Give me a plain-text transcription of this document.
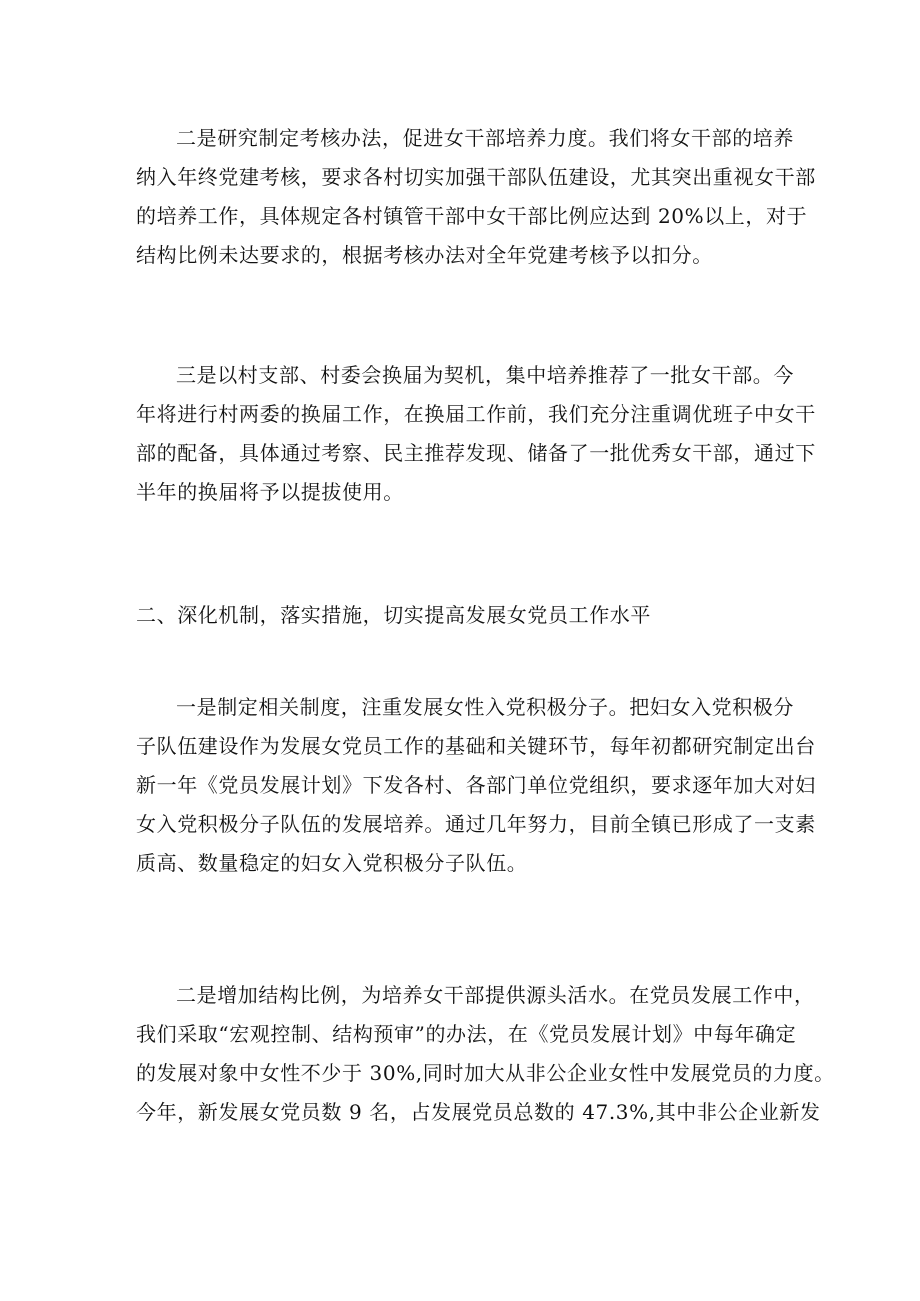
二是研究制定考核办法，促进女干部培养力度。我们将女干部的培养
纳入年终党建考核，要求各村切实加强干部队伍建设，尤其突出重视女干部
的培养工作，具体规定各村镇管干部中女干部比例应达到 20%以上，对于
结构比例未达要求的，根据考核办法对全年党建考核予以扣分。

三是以村支部、村委会换届为契机，集中培养推荐了一批女干部。今
年将进行村两委的换届工作，在换届工作前，我们充分注重调优班子中女干
部的配备，具体通过考察、民主推荐发现、储备了一批优秀女干部，通过下
半年的换届将予以提拔使用。

二、深化机制，落实措施，切实提高发展女党员工作水平

一是制定相关制度，注重发展女性入党积极分子。把妇女入党积极分
子队伍建设作为发展女党员工作的基础和关键环节，每年初都研究制定出台
新一年《党员发展计划》下发各村、各部门单位党组织，要求逐年加大对妇
女入党积极分子队伍的发展培养。通过几年努力，目前全镇已形成了一支素
质高、数量稳定的妇女入党积极分子队伍。

二是增加结构比例，为培养女干部提供源头活水。在党员发展工作中，
我们采取“宏观控制、结构预审”的办法，在《党员发展计划》中每年确定
的发展对象中女性不少于 30%,同时加大从非公企业女性中发展党员的力度。
今年，新发展女党员数 9 名，占发展党员总数的 47.3%,其中非公企业新发
